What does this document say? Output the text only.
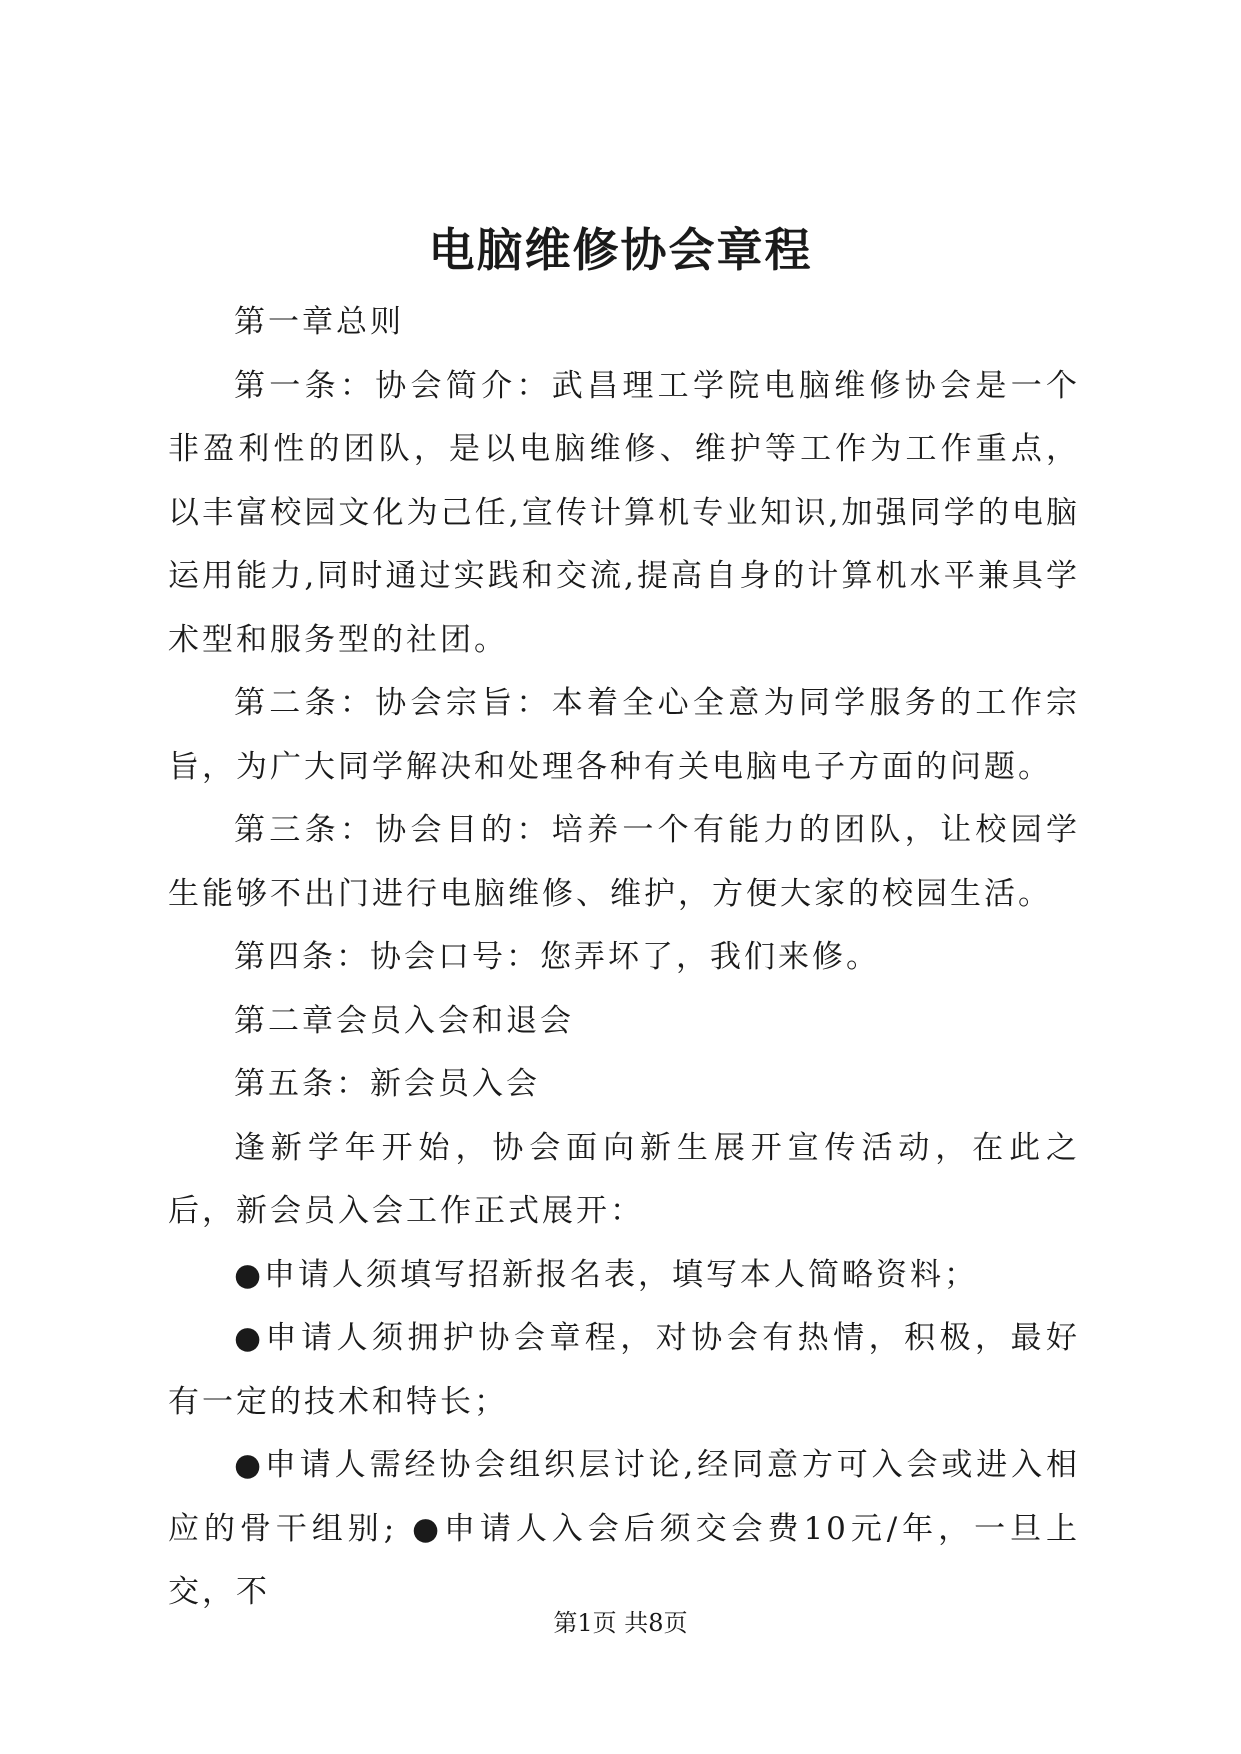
电脑维修协会章程

第一章总则

第一条：协会简介：武昌理工学院电脑维修协会是一个非盈利性的团队，是以电脑维修、维护等工作为工作重点，以丰富校园文化为己任,宣传计算机专业知识,加强同学的电脑运用能力,同时通过实践和交流,提高自身的计算机水平兼具学术型和服务型的社团。

第二条：协会宗旨：本着全心全意为同学服务的工作宗旨，为广大同学解决和处理各种有关电脑电子方面的问题。

第三条：协会目的：培养一个有能力的团队，让校园学生能够不出门进行电脑维修、维护，方便大家的校园生活。

第四条：协会口号：您弄坏了，我们来修。

第二章会员入会和退会

第五条：新会员入会

逢新学年开始，协会面向新生展开宣传活动，在此之后，新会员入会工作正式展开：

●申请人须填写招新报名表，填写本人简略资料；

●申请人须拥护协会章程，对协会有热情，积极，最好有一定的技术和特长；

●申请人需经协会组织层讨论,经同意方可入会或进入相应的骨干组别; ●申请人入会后须交会费10元/年，一旦上交，不

第1页 共8页
